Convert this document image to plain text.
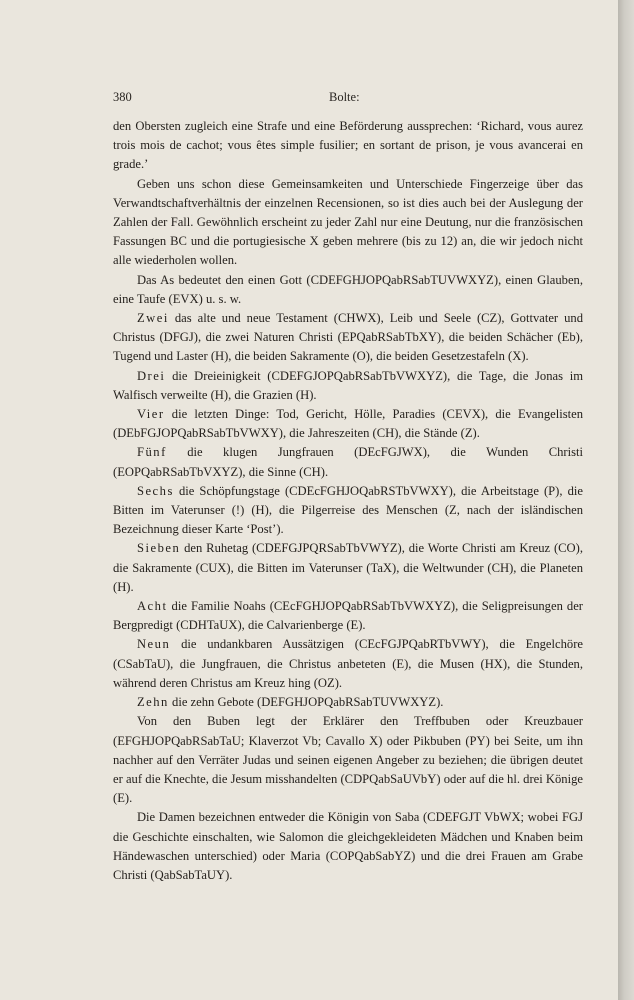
380	Bolte:

den Obersten zugleich eine Strafe und eine Beförderung aussprechen: ‘Richard, vous aurez trois mois de cachot; vous êtes simple fusilier; en sortant de prison, je vous avancerai en grade.’

Geben uns schon diese Gemeinsamkeiten und Unterschiede Fingerzeige über das Verwandtschaftverhältnis der einzelnen Recensionen, so ist dies auch bei der Auslegung der Zahlen der Fall. Gewöhnlich erscheint zu jeder Zahl nur eine Deutung, nur die französischen Fassungen BC und die portugiesische X geben mehrere (bis zu 12) an, die wir jedoch nicht alle wiederholen wollen.

Das As bedeutet den einen Gott (CDEFGHJOPQabRSabTUVWXYZ), einen Glauben, eine Taufe (EVX) u. s. w.

Zwei das alte und neue Testament (CHWX), Leib und Seele (CZ), Gottvater und Christus (DFGJ), die zwei Naturen Christi (EPQabRSabTbXY), die beiden Schächer (Eb), Tugend und Laster (H), die beiden Sakramente (O), die beiden Gesetzestafeln (X).

Drei die Dreieinigkeit (CDEFGJOPQabRSabTbVWXYZ), die Tage, die Jonas im Walfisch verweilte (H), die Grazien (H).

Vier die letzten Dinge: Tod, Gericht, Hölle, Paradies (CEVX), die Evangelisten (DEbFGJOPQabRSabTbVWXY), die Jahreszeiten (CH), die Stände (Z).

Fünf die klugen Jungfrauen (DEcFGJWX), die Wunden Christi (EOPQabRSabTbVXYZ), die Sinne (CH).

Sechs die Schöpfungstage (CDEcFGHJOQabRSTbVWXY), die Arbeitstage (P), die Bitten im Vaterunser (!) (H), die Pilgerreise des Menschen (Z, nach der isländischen Bezeichnung dieser Karte ‘Post’).

Sieben den Ruhetag (CDEFGJPQRSabTbVWYZ), die Worte Christi am Kreuz (CO), die Sakramente (CUX), die Bitten im Vaterunser (TaX), die Weltwunder (CH), die Planeten (H).

Acht die Familie Noahs (CEcFGHJOPQabRSabTbVWXYZ), die Seligpreisungen der Bergpredigt (CDHTaUX), die Calvarienberge (E).

Neun die undankbaren Aussätzigen (CEcFGJPQabRTbVWY), die Engelchöre (CSabTaU), die Jungfrauen, die Christus anbeteten (E), die Musen (HX), die Stunden, während deren Christus am Kreuz hing (OZ).

Zehn die zehn Gebote (DEFGHJOPQabRSabTUVWXYZ).

Von den Buben legt der Erklärer den Treffbuben oder Kreuzbauer (EFGHJOPQabRSabTaU; Klaverzot Vb; Cavallo X) oder Pikbuben (PY) bei Seite, um ihn nachher auf den Verräter Judas und seinen eigenen Angeber zu beziehen; die übrigen deutet er auf die Knechte, die Jesum misshandelten (CDPQabSaUVbY) oder auf die hl. drei Könige (E).

Die Damen bezeichnen entweder die Königin von Saba (CDEFGJT VbWX; wobei FGJ die Geschichte einschalten, wie Salomon die gleichgekleideten Mädchen und Knaben beim Händewaschen unterschied) oder Maria (COPQabSabYZ) und die drei Frauen am Grabe Christi (QabSabTaUY).
